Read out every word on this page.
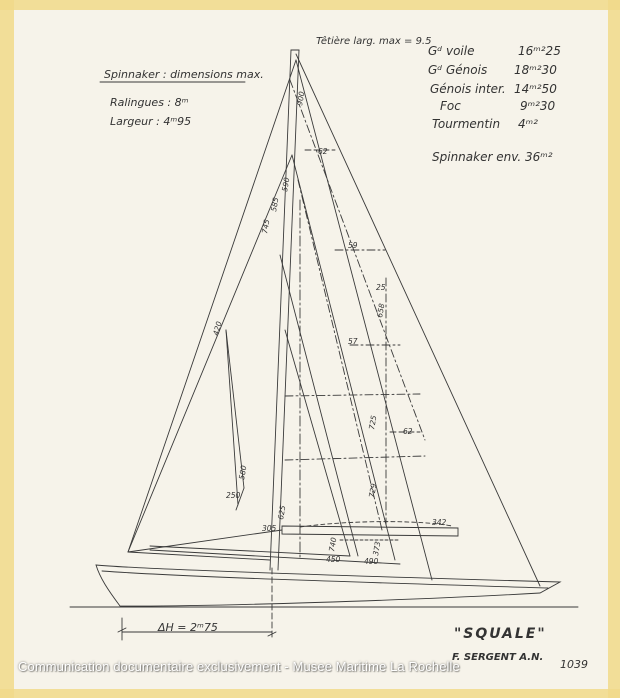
Têtière larg. max = 9.5
Spinnaker : dimensions max.
Ralingues : 8ᵐ
Largeur : 4ᵐ95
Gᵈ voile	16ᵐ²25
Gᵈ Génois 18ᵐ²30
Génois inter. 14ᵐ²50
Foc	9ᵐ²30
Tourmentin 4ᵐ²
Spinnaker env. 36ᵐ²
900
62
590
585
745
59
25
658
57
725
62
729
342
420
580
250
305
625
740
450	490
373
ΔH = 2ᵐ75	"SQUALE"
F. SERGENT A.N.
1039
Communication documentaire exclusivement - Musee Maritime La Rochelle
